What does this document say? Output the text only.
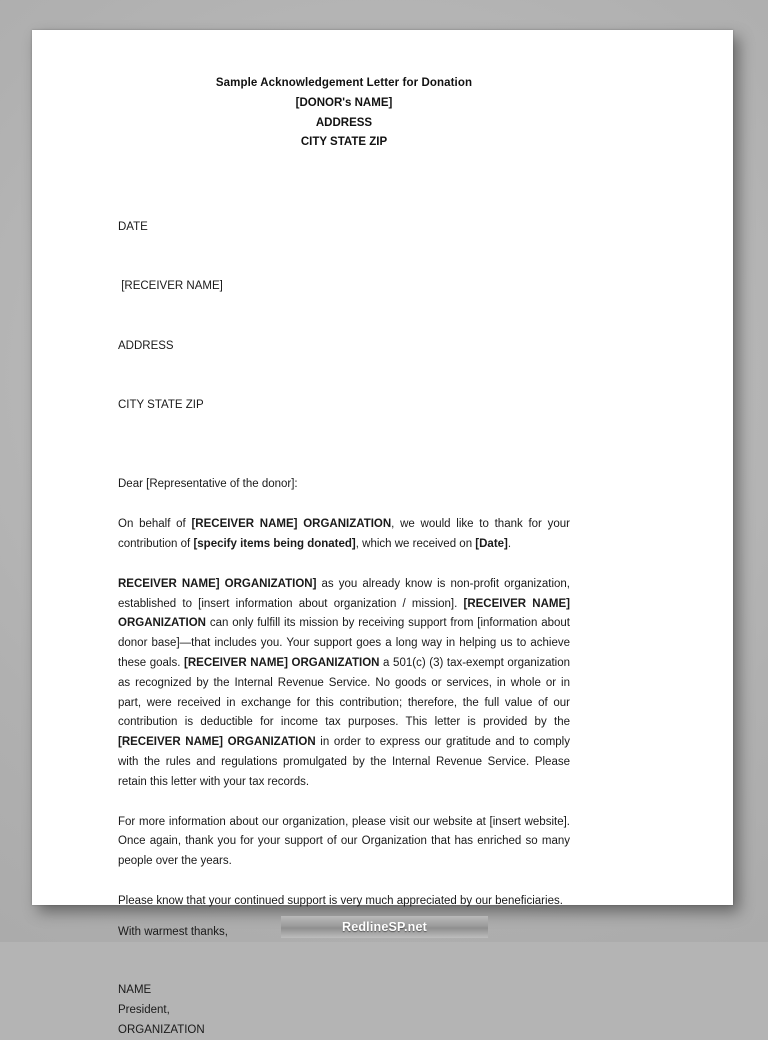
Sample Acknowledgement Letter for Donation
[DONOR's NAME]
ADDRESS
CITY STATE ZIP

DATE

[RECEIVER NAME]

ADDRESS

CITY STATE ZIP

Dear [Representative of the donor]:

On behalf of [RECEIVER NAME] ORGANIZATION, we would like to thank for your contribution of [specify items being donated], which we received on [Date].

RECEIVER NAME] ORGANIZATION] as you already know is non-profit organization, established to [insert information about organization / mission]. [RECEIVER NAME] ORGANIZATION can only fulfill its mission by receiving support from [information about donor base]—that includes you. Your support goes a long way in helping us to achieve these goals. [RECEIVER NAME] ORGANIZATION a 501(c) (3) tax-exempt organization as recognized by the Internal Revenue Service. No goods or services, in whole or in part, were received in exchange for this contribution; therefore, the full value of our contribution is deductible for income tax purposes. This letter is provided by the [RECEIVER NAME] ORGANIZATION in order to express our gratitude and to comply with the rules and regulations promulgated by the Internal Revenue Service. Please retain this letter with your tax records.

For more information about our organization, please visit our website at [insert website]. Once again, thank you for your support of our Organization that has enriched so many people over the years.

Please know that your continued support is very much appreciated by our beneficiaries.

With warmest thanks,
NAME
President,
ORGANIZATION
RedlineSP.net
